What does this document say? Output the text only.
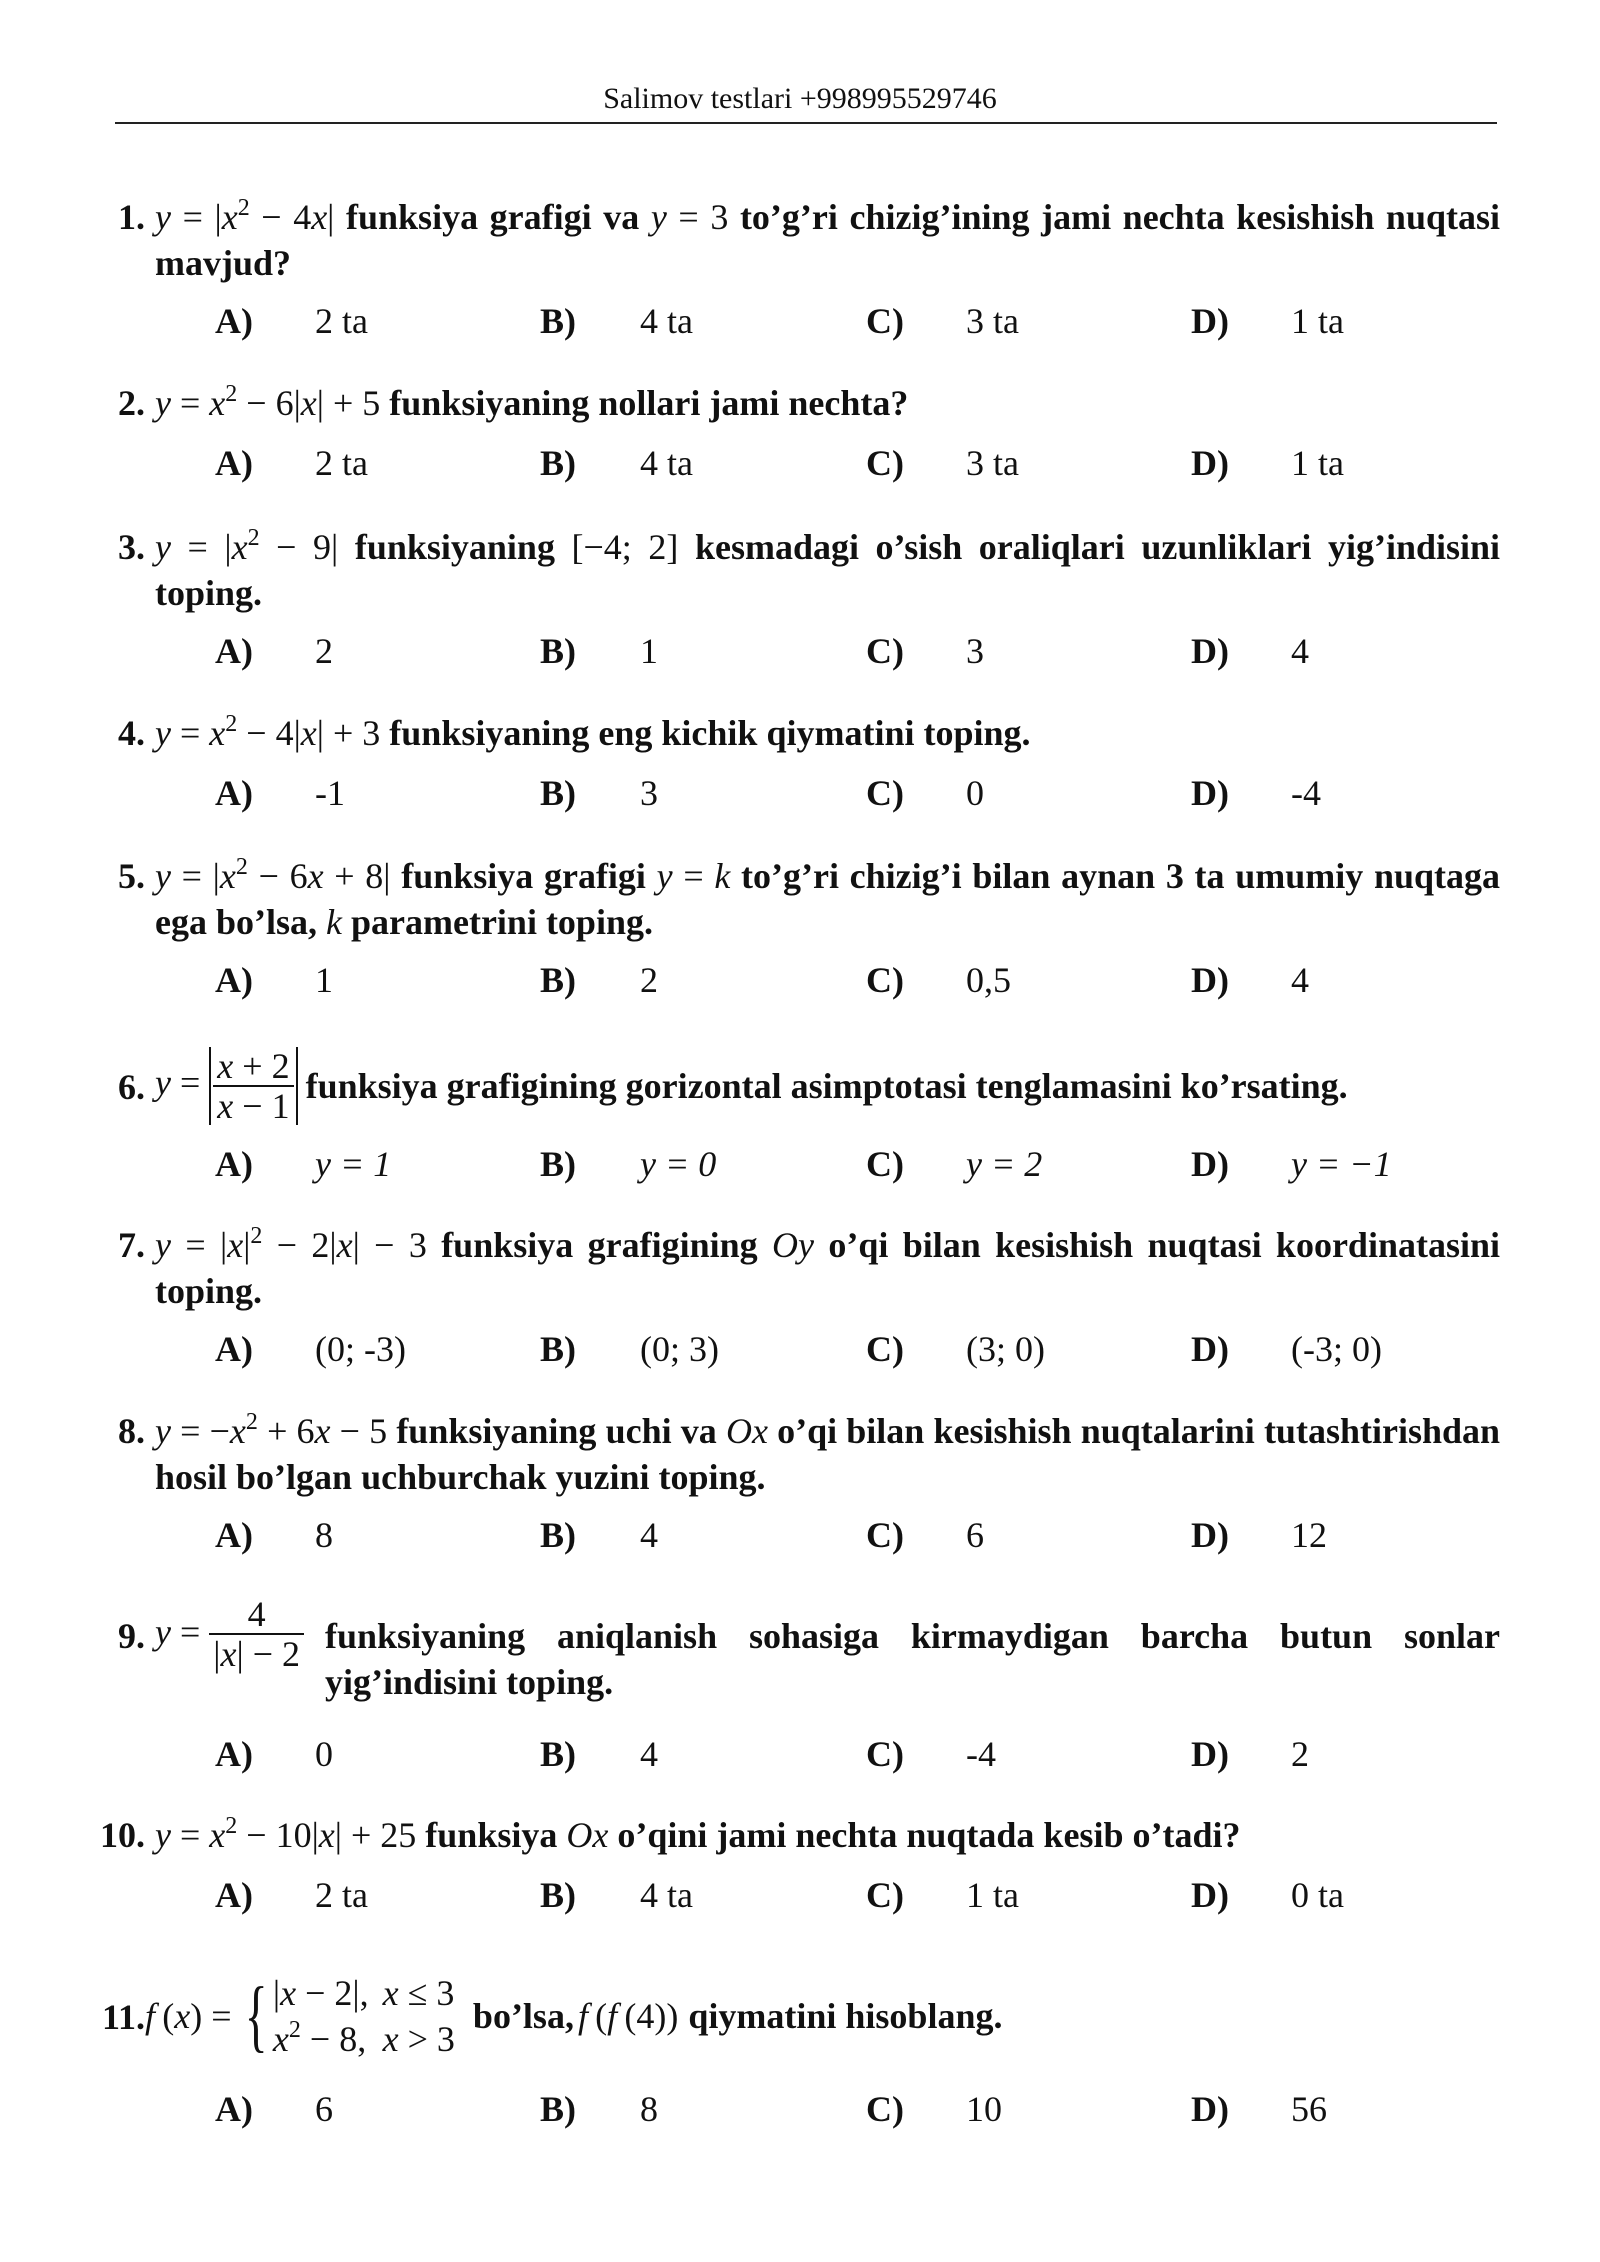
Salimov testlari +998995529746
1. $y = |x^2 - 4x|$ funksiya grafigi va y = 3 to’g’ri chizig’ining jami nechta kesishish nuqtasi mavjud?
A) 2 ta	B) 4 ta	C) 3 ta	D) 1 ta
2. $y = x^2 - 6|x| + 5$ funksiyaning nollari jami nechta?
A) 2 ta	B) 4 ta	C) 3 ta	D) 1 ta
3. $y = |x^2 - 9|$ funksiyaning [−4; 2] kesmadagi o’sish oraliqlari uzunliklari yig’indisini toping.
A) 2	B) 1	C) 3	D) 4
4. $y = x^2 - 4|x| + 3$ funksiyaning eng kichik qiymatini toping.
A) -1	B) 3	C) 0	D) -4
5. $y = |x^2 - 6x + 8|$ funksiya grafigi y = k to’g’ri chizig’i bilan aynan 3 ta umumiy nuqtaga ega bo’lsa, k parametrini toping.
A) 1	B) 2	C) 0,5	D) 4
6. $y = \frac{x + 2}{x - 1}$ funksiya grafigining gorizontal asimptotasi tenglamasini ko’rsating.
A) y = 1	B) y = 0	C) y = 2	D) y = −1
7. $y = |x|^2 - 2|x| - 3$ funksiya grafigining Oy o’qi bilan kesishish nuqtasi koordinatasini toping.
A) (0; -3)	B) (0; 3)	C) (3; 0)	D) (-3; 0)
8. $y = -x^2 + 6x - 5$ funksiyaning uchi va Ox o’qi bilan kesishish nuqtalarini tutashtirishdan hosil bo’lgan uchburchak yuzini toping.
A) 8	B) 4	C) 6	D) 12
9. $y = \frac{4}{|x| - 2}$ funksiyaning aniqlanish sohasiga kirmaydigan barcha butun sonlar yig’indisini toping.
A) 0	B) 4	C) -4	D) 2
10. $y = x^2 - 10|x| + 25$ funksiya Ox o’qini jami nechta nuqtada kesib o’tadi?
A) 2 ta	B) 4 ta	C) 1 ta	D) 0 ta
11. f  ( x ) = { |x − 2|,	x ≤ 3
$x^2 - 8$,	x > 3
bo’lsa, f (f (4)) qiymatini hisoblang.
A) 6	B) 8	C) 10	D) 56
